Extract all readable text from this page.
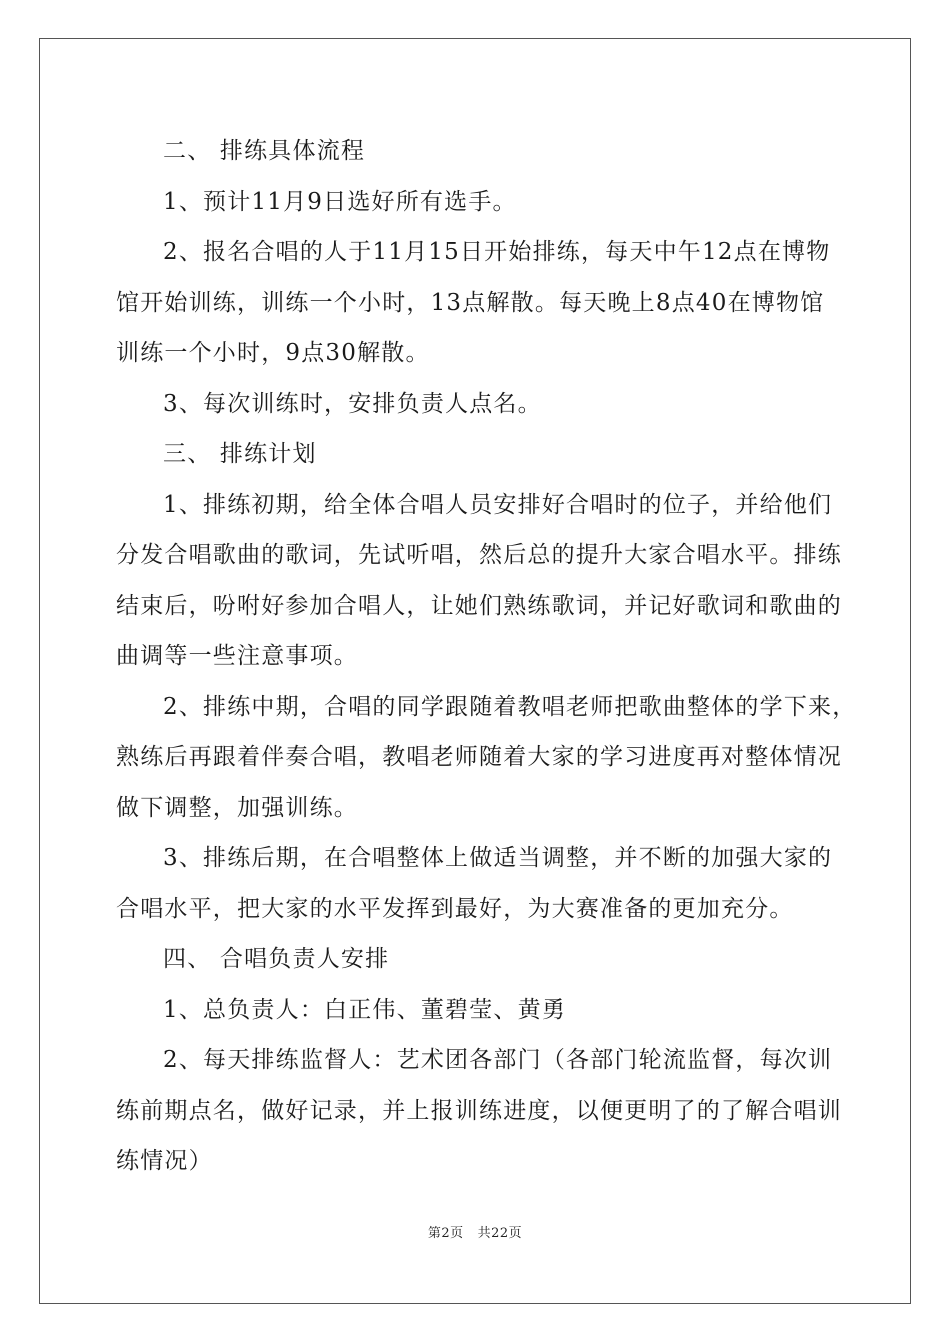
二、 排练具体流程
1、预计11月9日选好所有选手。
2、报名合唱的人于11月15日开始排练，每天中午12点在博物
馆开始训练，训练一个小时，13点解散。每天晚上8点40在博物馆
训练一个小时，9点30解散。
3、每次训练时，安排负责人点名。
三、 排练计划
1、排练初期，给全体合唱人员安排好合唱时的位子，并给他们
分发合唱歌曲的歌词，先试听唱，然后总的提升大家合唱水平。排练
结束后，吩咐好参加合唱人，让她们熟练歌词，并记好歌词和歌曲的
曲调等一些注意事项。
2、排练中期，合唱的同学跟随着教唱老师把歌曲整体的学下来，
熟练后再跟着伴奏合唱，教唱老师随着大家的学习进度再对整体情况
做下调整，加强训练。
3、排练后期，在合唱整体上做适当调整，并不断的加强大家的
合唱水平，把大家的水平发挥到最好，为大赛准备的更加充分。
四、 合唱负责人安排
1、总负责人：白正伟、董碧莹、黄勇
2、每天排练监督人：艺术团各部门（各部门轮流监督，每次训
练前期点名，做好记录，并上报训练进度，以便更明了的了解合唱训
练情况）
第2页 共22页
